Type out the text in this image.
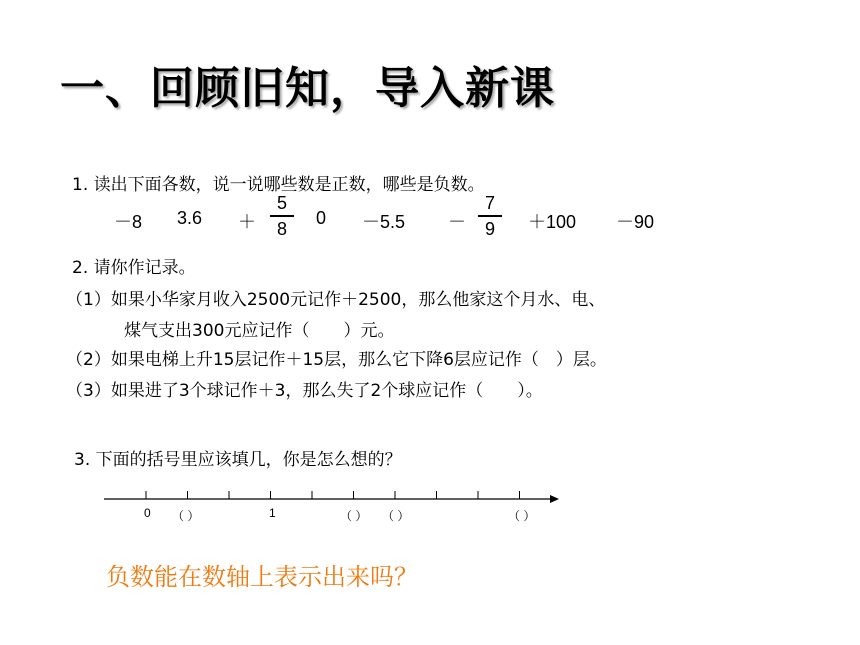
一、回顾旧知，导入新课
1. 读出下面各数，说一说哪些数是正数，哪些是负数。
－8 3.6 ＋
5
8
0 －5.5 －
7
9	＋100 －90
2. 请你作记录。
（1）如果小华家月收入2500元记作＋2500，那么他家这个月水、电、
煤气支出300元应记作（　　）元。
（2）如果电梯上升15层记作＋15层，那么它下降6层应记作（　）层。
（3）如果进了3个球记作＋3，那么失了2个球应记作（　　）。
3. 下面的括号里应该填几，你是怎么想的？
0 （ ）	1	（ ） （ ）	（ ）
负数能在数轴上表示出来吗？
